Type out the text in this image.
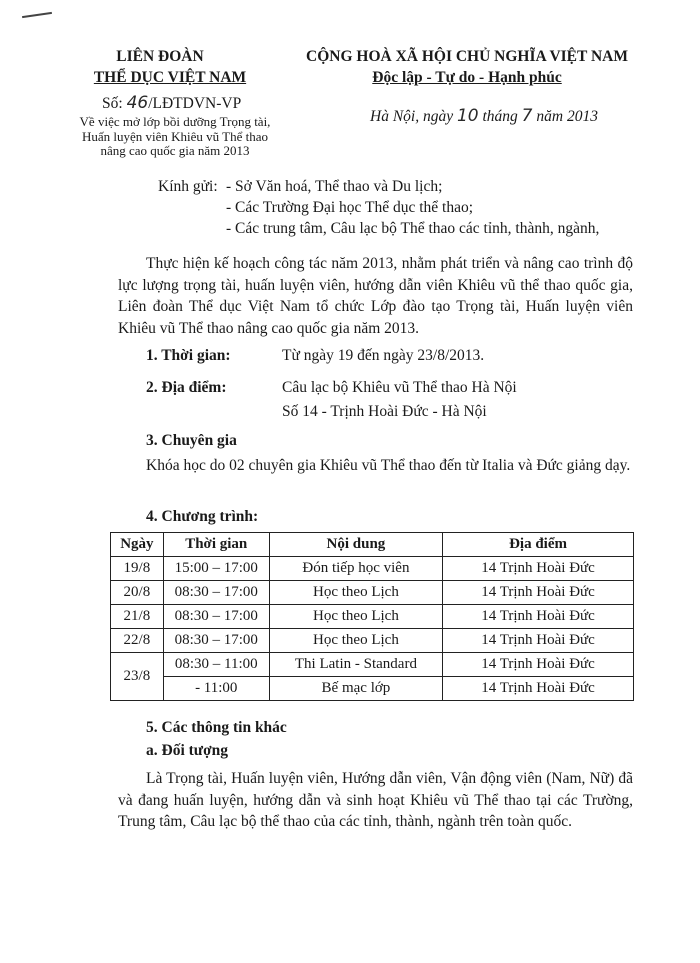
LIÊN ĐOÀN
THỂ DỤC VIỆT NAM
Số: 46/LĐTDVN-VP
Về việc mở lớp bồi dưỡng Trọng tài,
Huấn luyện viên Khiêu vũ Thể thao
nâng cao quốc gia năm 2013
CỘNG HOÀ XÃ HỘI CHỦ NGHĨA VIỆT NAM
Độc lập - Tự do - Hạnh phúc
Hà Nội, ngày 10 tháng 7 năm 2013
Kính gửi: - Sở Văn hoá, Thể thao và Du lịch;
- Các Trường Đại học Thể dục thể thao;
- Các trung tâm, Câu lạc bộ Thể thao các tỉnh, thành, ngành,
Thực hiện kế hoạch công tác năm 2013, nhằm phát triển và nâng cao trình độ lực lượng trọng tài, huấn luyện viên, hướng dẫn viên Khiêu vũ thể thao quốc gia, Liên đoàn Thể dục Việt Nam tổ chức Lớp đào tạo Trọng tài, Huấn luyện viên Khiêu vũ Thể thao nâng cao quốc gia năm 2013.
1. Thời gian:	Từ ngày 19 đến ngày 23/8/2013.
2. Địa điểm:	Câu lạc bộ Khiêu vũ Thể thao Hà Nội
Số 14 - Trịnh Hoài Đức - Hà Nội
3. Chuyên gia
Khóa học do 02 chuyên gia Khiêu vũ Thể thao đến từ Italia và Đức giảng dạy.
4. Chương trình:
Ngày	Thời gian	Nội dung	Địa điểm
19/8	15:00 – 17:00	Đón tiếp học viên	14 Trịnh Hoài Đức
20/8	08:30 – 17:00	Học theo Lịch	14 Trịnh Hoài Đức
21/8	08:30 – 17:00	Học theo Lịch	14 Trịnh Hoài Đức
22/8	08:30 – 17:00	Học theo Lịch	14 Trịnh Hoài Đức
23/8	08:30 – 11:00	Thi Latin - Standard	14 Trịnh Hoài Đức
	- 11:00	Bế mạc lớp	14 Trịnh Hoài Đức
5. Các thông tin khác
a. Đối tượng
Là Trọng tài, Huấn luyện viên, Hướng dẫn viên, Vận động viên (Nam, Nữ) đã và đang huấn luyện, hướng dẫn và sinh hoạt Khiêu vũ Thể thao tại các Trường, Trung tâm, Câu lạc bộ thể thao của các tỉnh, thành, ngành trên toàn quốc.
